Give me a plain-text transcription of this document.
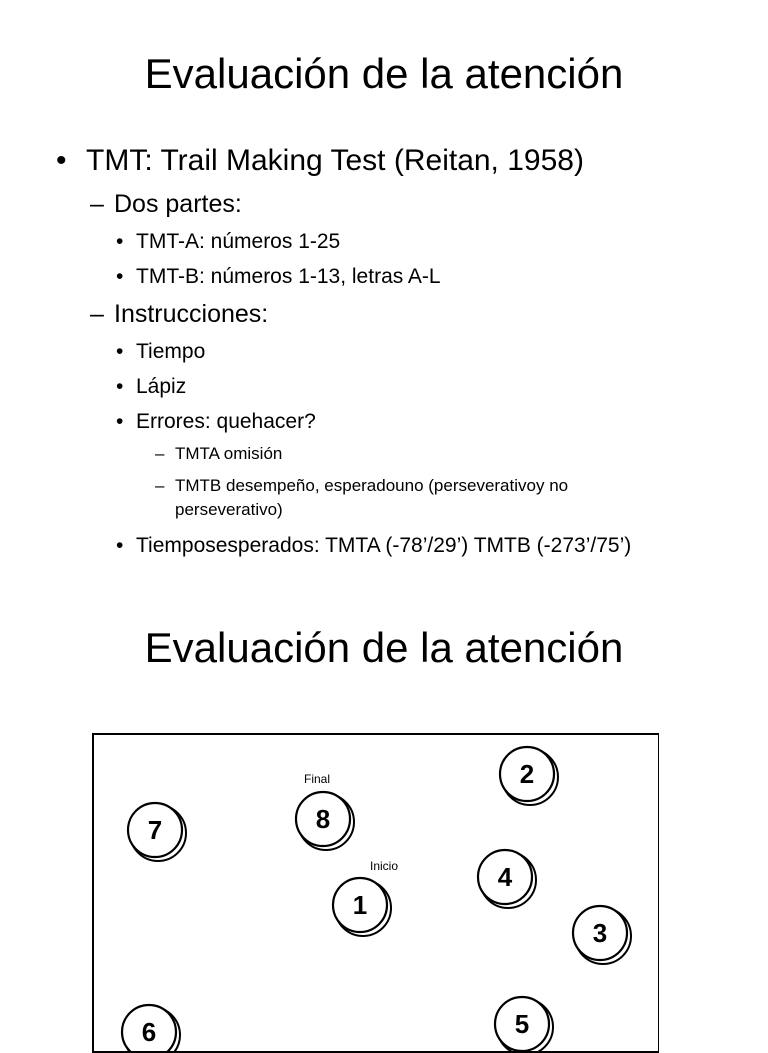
Evaluación de la atención
• TMT: Trail Making Test (Reitan, 1958)
– Dos partes:
• TMT-A: números 1-25
• TMT-B: números 1-13, letras A-L
– Instrucciones:
• Tiempo
• Lápiz
• Errores: quehacer?
– TMTA omisión
– TMTB desempeño, esperadouno (perseverativoy no
perseverativo)
• Tiemposesperados: TMTA (-78’/29’) TMTB (-273’/75’)
Evaluación de la atención
Final
Inicio
2
8
7
4
1
3
6	5
